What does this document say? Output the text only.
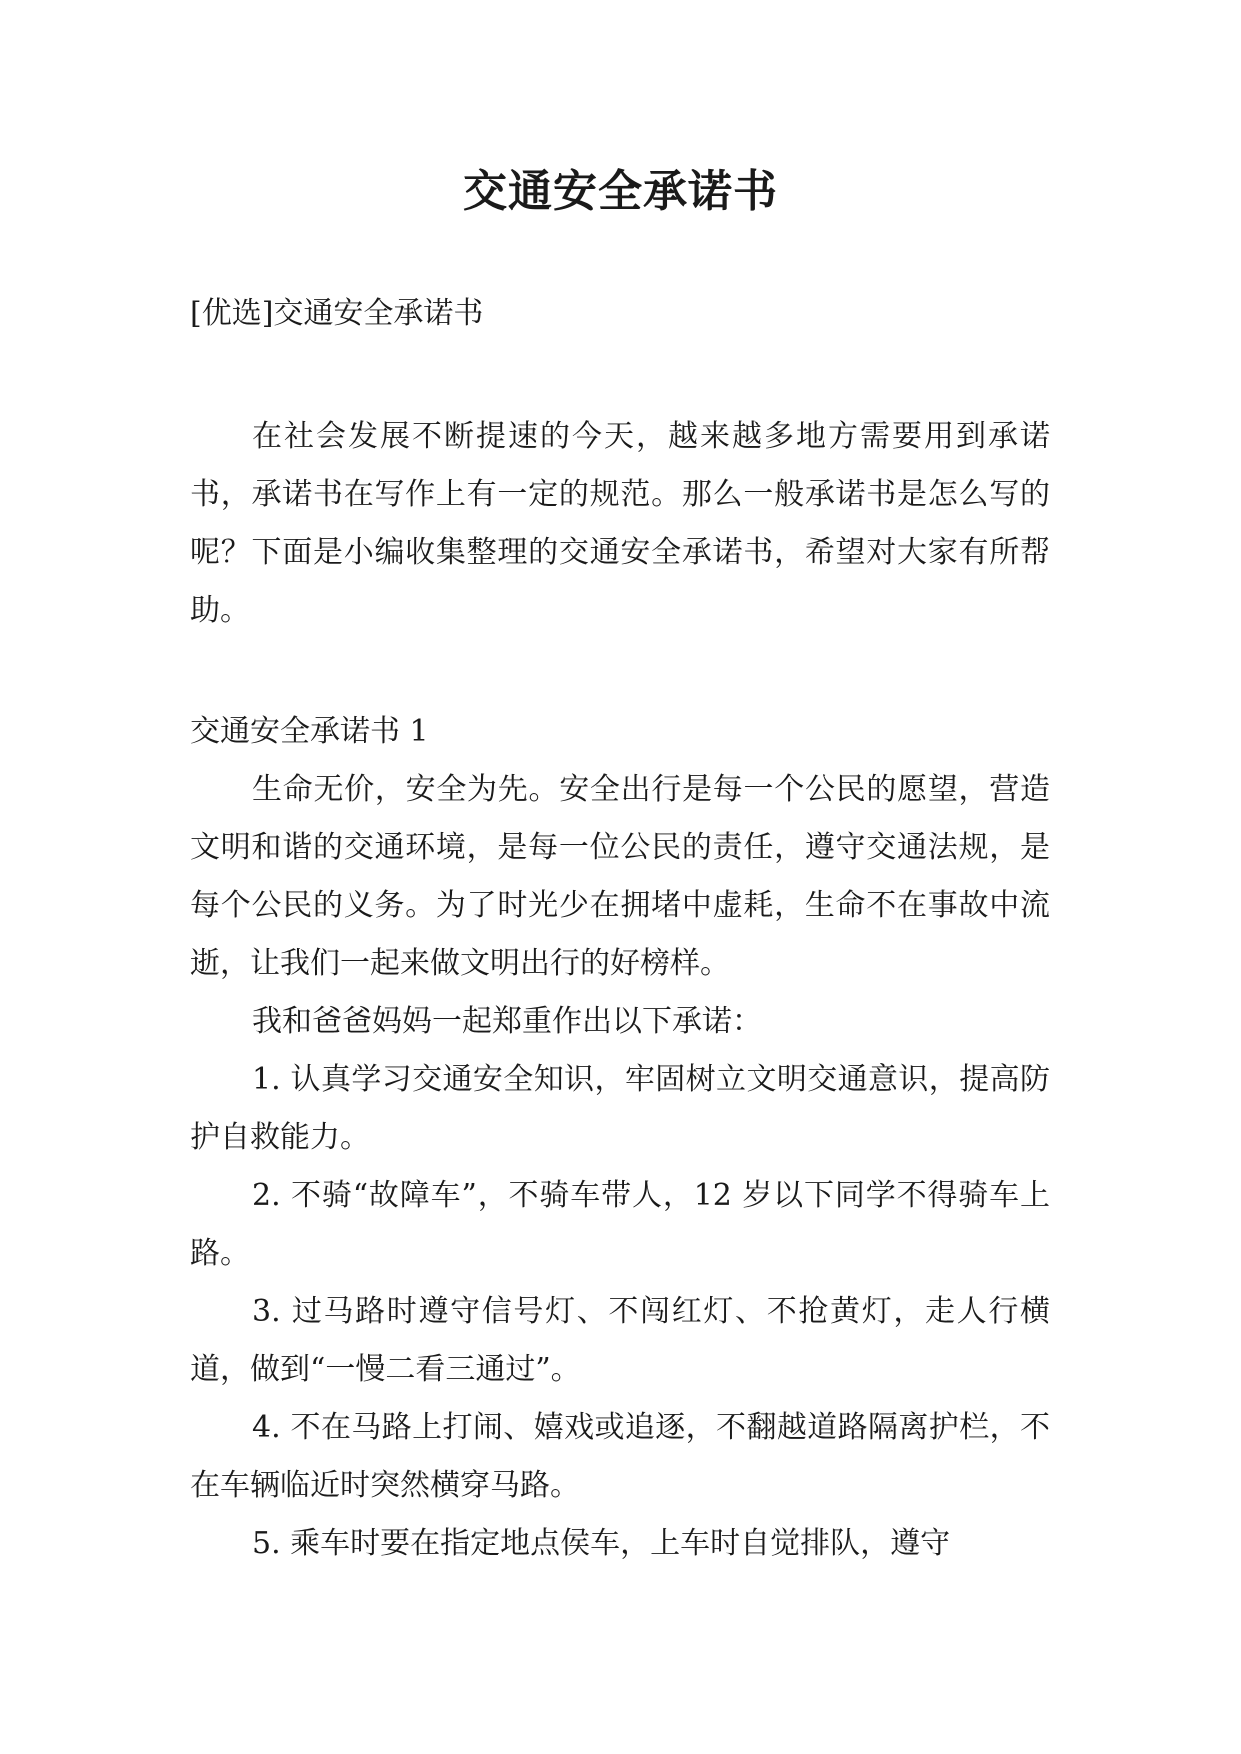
交通安全承诺书

[优选]交通安全承诺书

在社会发展不断提速的今天，越来越多地方需要用到承诺书，承诺书在写作上有一定的规范。那么一般承诺书是怎么写的呢？下面是小编收集整理的交通安全承诺书，希望对大家有所帮助。

交通安全承诺书 1

生命无价，安全为先。安全出行是每一个公民的愿望，营造文明和谐的交通环境，是每一位公民的责任，遵守交通法规，是每个公民的义务。为了时光少在拥堵中虚耗，生命不在事故中流逝，让我们一起来做文明出行的好榜样。

我和爸爸妈妈一起郑重作出以下承诺：

1. 认真学习交通安全知识，牢固树立文明交通意识，提高防护自救能力。

2. 不骑“故障车”，不骑车带人，12 岁以下同学不得骑车上路。

3. 过马路时遵守信号灯、不闯红灯、不抢黄灯，走人行横道，做到“一慢二看三通过”。

4. 不在马路上打闹、嬉戏或追逐，不翻越道路隔离护栏，不在车辆临近时突然横穿马路。

5. 乘车时要在指定地点侯车，上车时自觉排队，遵守
